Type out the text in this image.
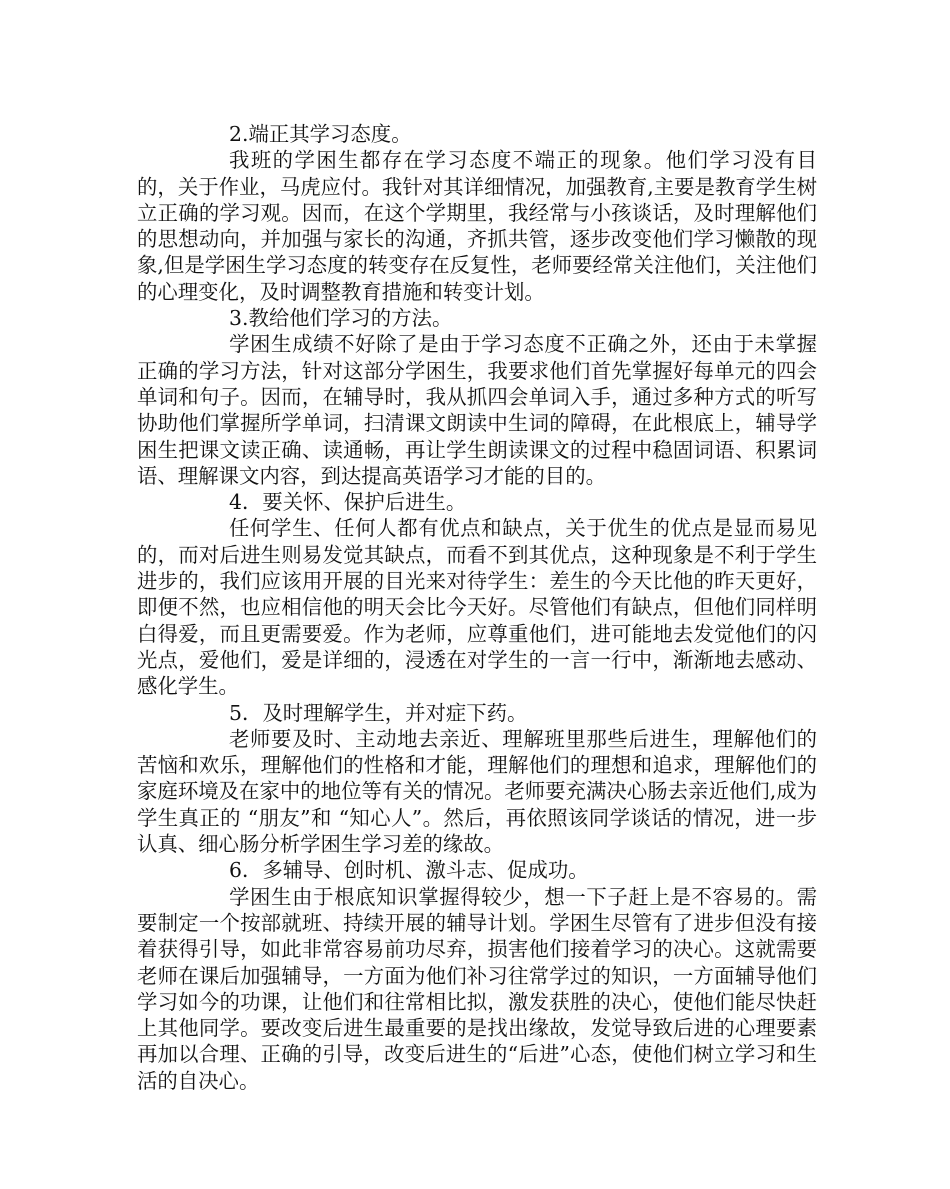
2.端正其学习态度。

我班的学困生都存在学习态度不端正的现象。他们学习没有目的，关于作业，马虎应付。我针对其详细情况，加强教育,主要是教育学生树立正确的学习观。因而，在这个学期里，我经常与小孩谈话，及时理解他们的思想动向，并加强与家长的沟通，齐抓共管，逐步改变他们学习懒散的现象,但是学困生学习态度的转变存在反复性，老师要经常关注他们，关注他们的心理变化，及时调整教育措施和转变计划。

3.教给他们学习的方法。

学困生成绩不好除了是由于学习态度不正确之外，还由于未掌握正确的学习方法，针对这部分学困生，我要求他们首先掌握好每单元的四会单词和句子。因而，在辅导时，我从抓四会单词入手，通过多种方式的听写协助他们掌握所学单词，扫清课文朗读中生词的障碍，在此根底上，辅导学困生把课文读正确、读通畅，再让学生朗读课文的过程中稳固词语、积累词语、理解课文内容，到达提高英语学习才能的目的。

4．要关怀、保护后进生。

任何学生、任何人都有优点和缺点，关于优生的优点是显而易见的，而对后进生则易发觉其缺点，而看不到其优点，这种现象是不利于学生进步的，我们应该用开展的目光来对待学生：差生的今天比他的昨天更好，即便不然，也应相信他的明天会比今天好。尽管他们有缺点，但他们同样明白得爱，而且更需要爱。作为老师，应尊重他们，进可能地去发觉他们的闪光点，爱他们，爱是详细的，浸透在对学生的一言一行中，渐渐地去感动、感化学生。

5．及时理解学生，并对症下药。

老师要及时、主动地去亲近、理解班里那些后进生，理解他们的苦恼和欢乐，理解他们的性格和才能，理解他们的理想和追求，理解他们的家庭环境及在家中的地位等有关的情况。老师要充满决心肠去亲近他们,成为学生真正的 “朋友”和 “知心人”。然后，再依照该同学谈话的情况，进一步认真、细心肠分析学困生学习差的缘故。

6．多辅导、创时机、激斗志、促成功。

学困生由于根底知识掌握得较少，想一下子赶上是不容易的。需要制定一个按部就班、持续开展的辅导计划。学困生尽管有了进步但没有接着获得引导，如此非常容易前功尽弃，损害他们接着学习的决心。这就需要老师在课后加强辅导，一方面为他们补习往常学过的知识，一方面辅导他们学习如今的功课，让他们和往常相比拟，激发获胜的决心，使他们能尽快赶上其他同学。要改变后进生最重要的是找出缘故，发觉导致后进的心理要素再加以合理、正确的引导，改变后进生的“后进”心态，使他们树立学习和生活的自决心。
